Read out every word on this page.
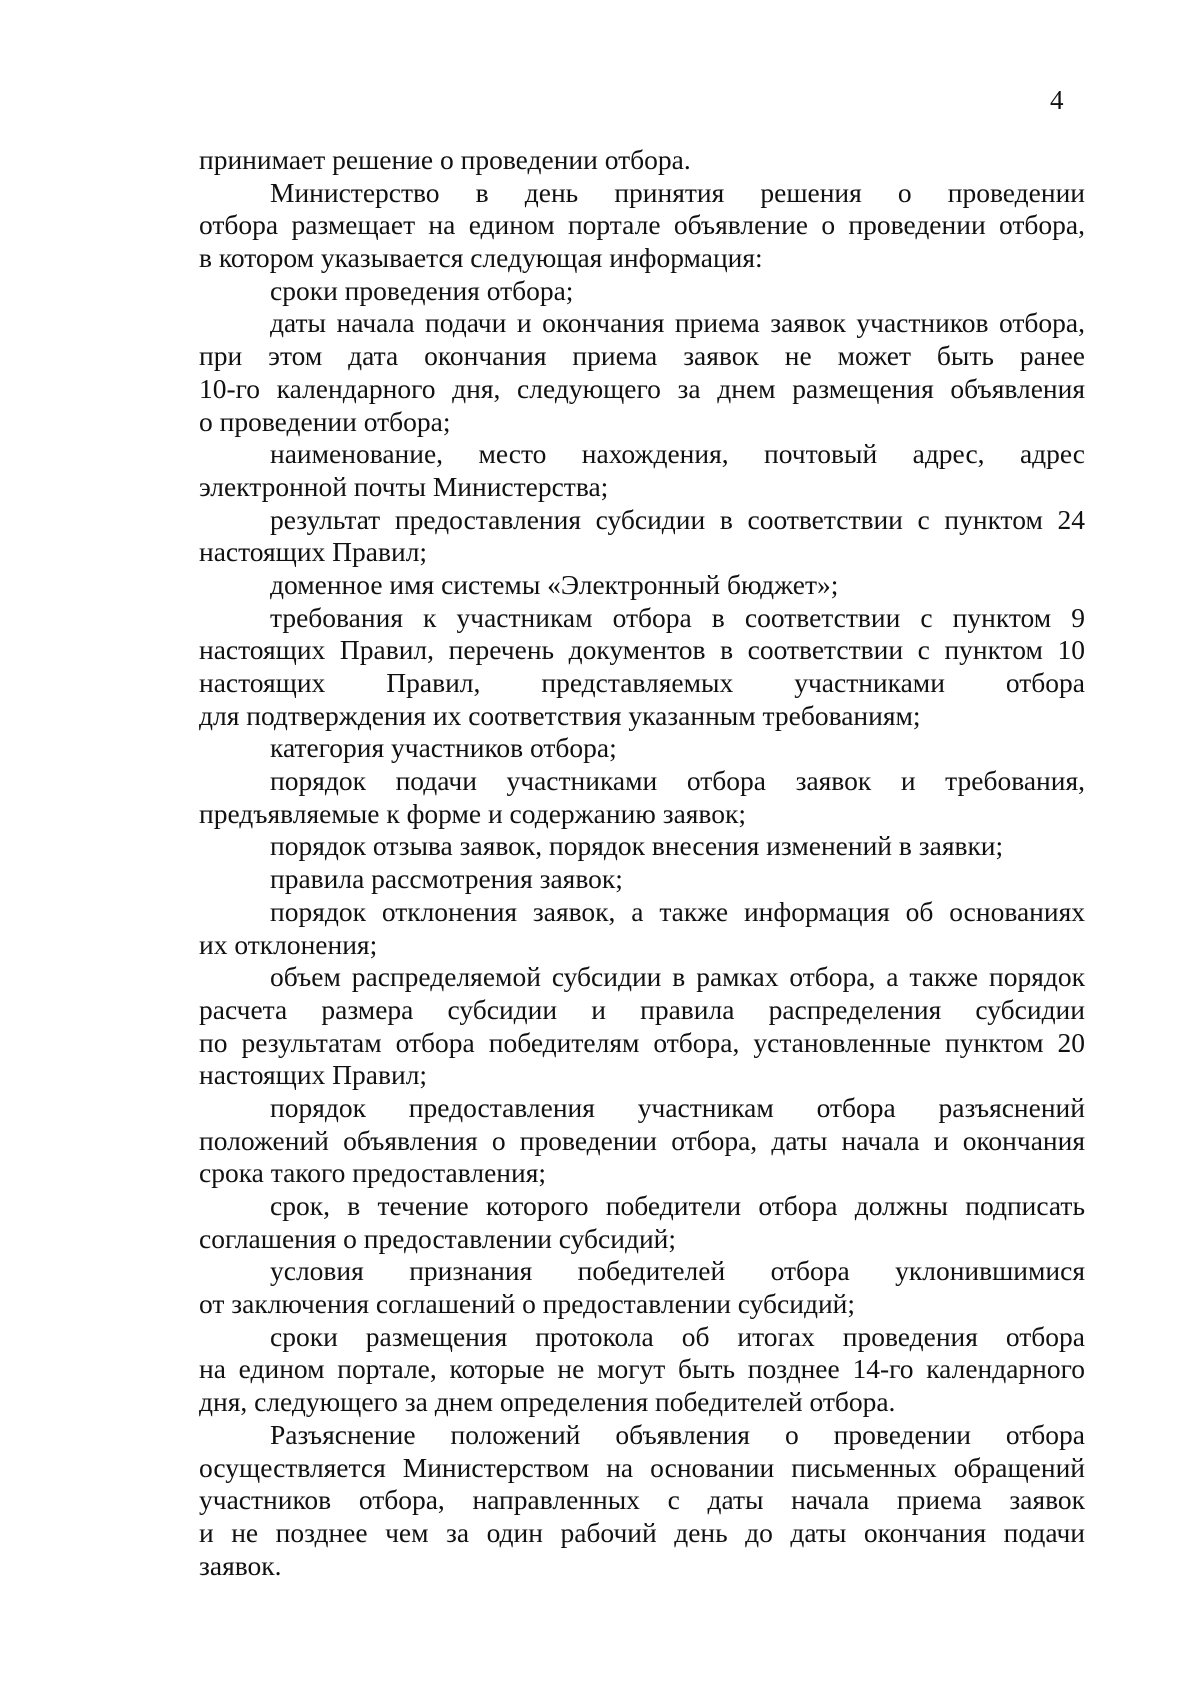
4
принимает решение о проведении отбора.
Министерство в день принятия решения о проведении
отбора размещает на едином портале объявление о проведении отбора,
в котором указывается следующая информация:
сроки проведения отбора;
даты начала подачи и окончания приема заявок участников отбора,
при этом дата окончания приема заявок не может быть ранее
10-го календарного дня, следующего за днем размещения объявления
о проведении отбора;
наименование, место нахождения, почтовый адрес, адрес
электронной почты Министерства;
результат предоставления субсидии в соответствии с пунктом 24
настоящих Правил;
доменное имя системы «Электронный бюджет»;
требования к участникам отбора в соответствии с пунктом 9
настоящих Правил, перечень документов в соответствии с пунктом 10
настоящих Правил, представляемых участниками отбора
для подтверждения их соответствия указанным требованиям;
категория участников отбора;
порядок подачи участниками отбора заявок и требования,
предъявляемые к форме и содержанию заявок;
порядок отзыва заявок, порядок внесения изменений в заявки;
правила рассмотрения заявок;
порядок отклонения заявок, а также информация об основаниях
их отклонения;
объем распределяемой субсидии в рамках отбора, а также порядок
расчета размера субсидии и правила распределения субсидии
по результатам отбора победителям отбора, установленные пунктом 20
настоящих Правил;
порядок предоставления участникам отбора разъяснений
положений объявления о проведении отбора, даты начала и окончания
срока такого предоставления;
срок, в течение которого победители отбора должны подписать
соглашения о предоставлении субсидий;
условия признания победителей отбора уклонившимися
от заключения соглашений о предоставлении субсидий;
сроки размещения протокола об итогах проведения отбора
на едином портале, которые не могут быть позднее 14-го календарного
дня, следующего за днем определения победителей отбора.
Разъяснение положений объявления о проведении отбора
осуществляется Министерством на основании письменных обращений
участников отбора, направленных с даты начала приема заявок
и не позднее чем за один рабочий день до даты окончания подачи
заявок.
